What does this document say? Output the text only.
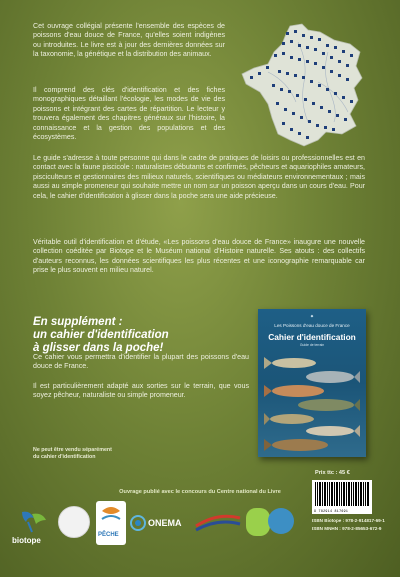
Cet ouvrage collégial présente l'ensemble des espèces de poissons d'eau douce de France, qu'elles soient indigènes ou introduites. Le livre est à jour des dernières données sur la taxonomie, la génétique et la distribution des animaux.

Il comprend des clés d'identification et des fiches monographiques détaillant l'écologie, les modes de vie des poissons et intégrant des cartes de répartition. Le lecteur y trouvera également des chapitres généraux sur l'histoire, la connaissance et la gestion des populations et des écosystèmes.

Le guide s'adresse à toute personne qui dans le cadre de pratiques de loisirs ou professionnelles est en contact avec la faune piscicole : naturalistes débutants et confirmés, pêcheurs et aquariophiles amateurs, pisciculteurs et gestionnaires des milieux naturels, scientifiques ou médiateurs environnementaux ; mais aussi au simple promeneur qui souhaite mettre un nom sur un poisson aperçu dans un cours d'eau. Pour cela, le cahier d'identification à glisser dans la poche sera une aide précieuse.

Véritable outil d'identification et d'étude, «Les poissons d'eau douce de France» inaugure une nouvelle collection coéditée par Biotope et le Muséum national d'Histoire naturelle. Ses atouts : des collectifs d'auteurs reconnus, les données scientifiques les plus récentes et une iconographie remarquable car prise le plus souvent en milieu naturel.

En supplément :
un cahier d'identification
à glisser dans la poche!

Ce cahier vous permettra d'identifier la plupart des poissons d'eau douce de France.

Il est particulièrement adapté aux sorties sur le terrain, que vous soyez pêcheur, naturaliste ou simple promeneur.

Ne peut être vendu séparément
du cahier d'identification
◆
Les Poissons d'eau douce de France
Cahier d'identification
Guide de terrain
Prix ttc : 45 €
9 782914 817691
ISBN Biotope : 978-2-914817-69-1
ISBN MNHN : 978-2-85653-672-9
Ouvrage publié avec le concours du Centre national du Livre
biotope
PÊCHE
ONEMA
